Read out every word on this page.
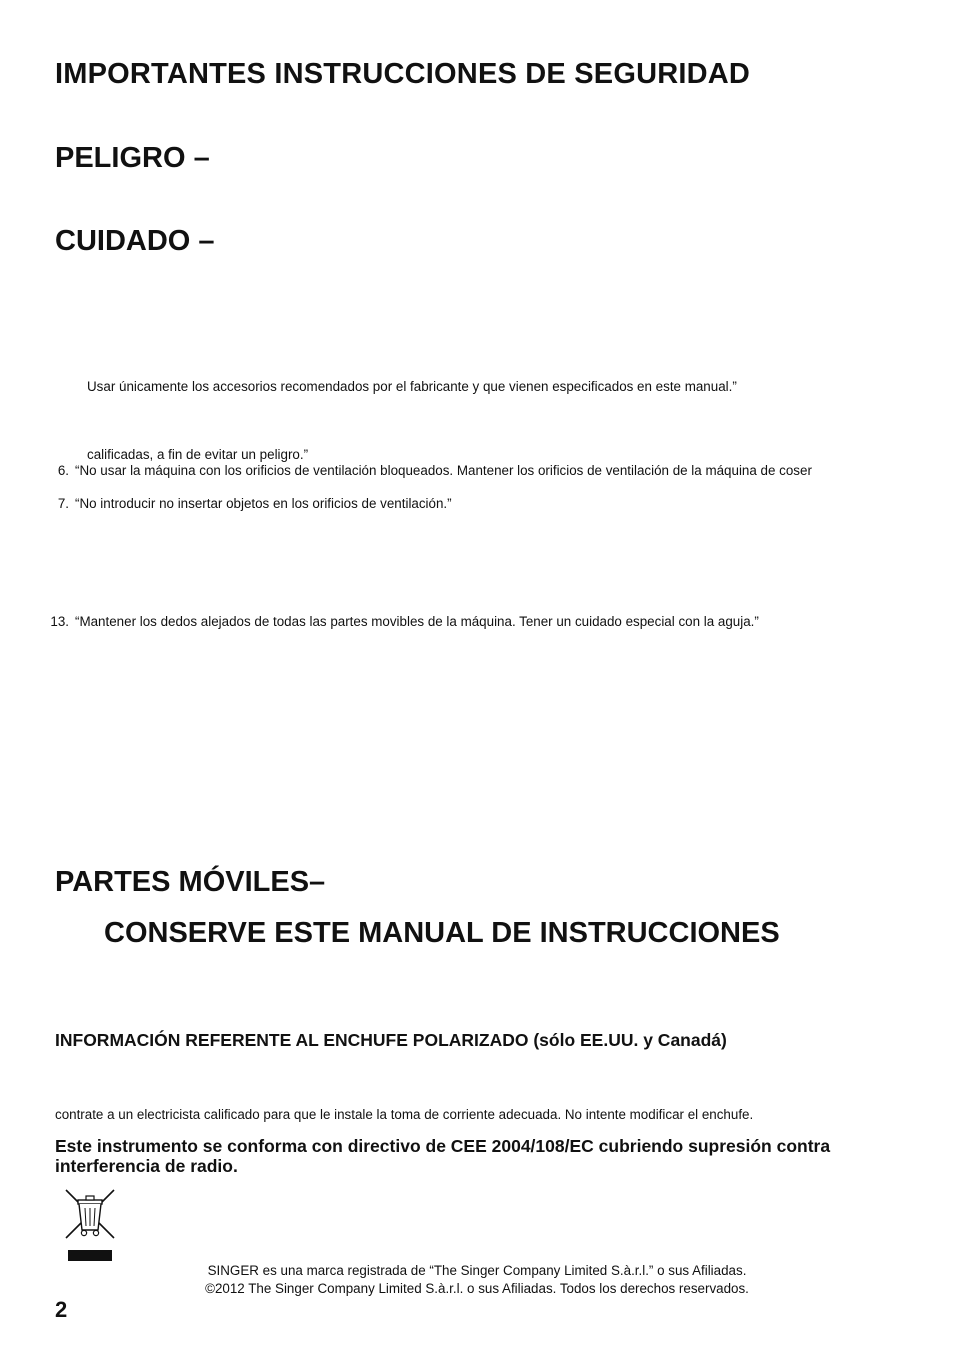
IMPORTANTES INSTRUCCIONES DE SEGURIDAD
PELIGRO –
CUIDADO –

Usar únicamente los accesorios recomendados por el fabricante y que vienen especificados en este manual.”

calificadas, a fin de evitar un peligro.”

6. “No usar la máquina con los orificios de ventilación bloqueados. Mantener los orificios de ventilación de la máquina de coser

7. “No introducir no insertar objetos en los orificios de ventilación.”

13. “Mantener los dedos alejados de todas las partes movibles de la máquina. Tener un cuidado especial con la aguja.”

PARTES MÓVILES–
CONSERVE ESTE MANUAL DE INSTRUCCIONES
INFORMACIÓN REFERENTE AL ENCHUFE POLARIZADO (sólo EE.UU. y Canadá)

contrate a un electricista calificado para que le instale la toma de corriente adecuada. No intente modificar el enchufe.

Este instrumento se conforma con directivo de CEE 2004/108/EC cubriendo supresión contra interferencia de radio.

SINGER es una marca registrada de “The Singer Company Limited S.à.r.l.” o sus Afiliadas.
©2012 The Singer Company Limited S.à.r.l. o sus Afiliadas. Todos los derechos reservados.
2
